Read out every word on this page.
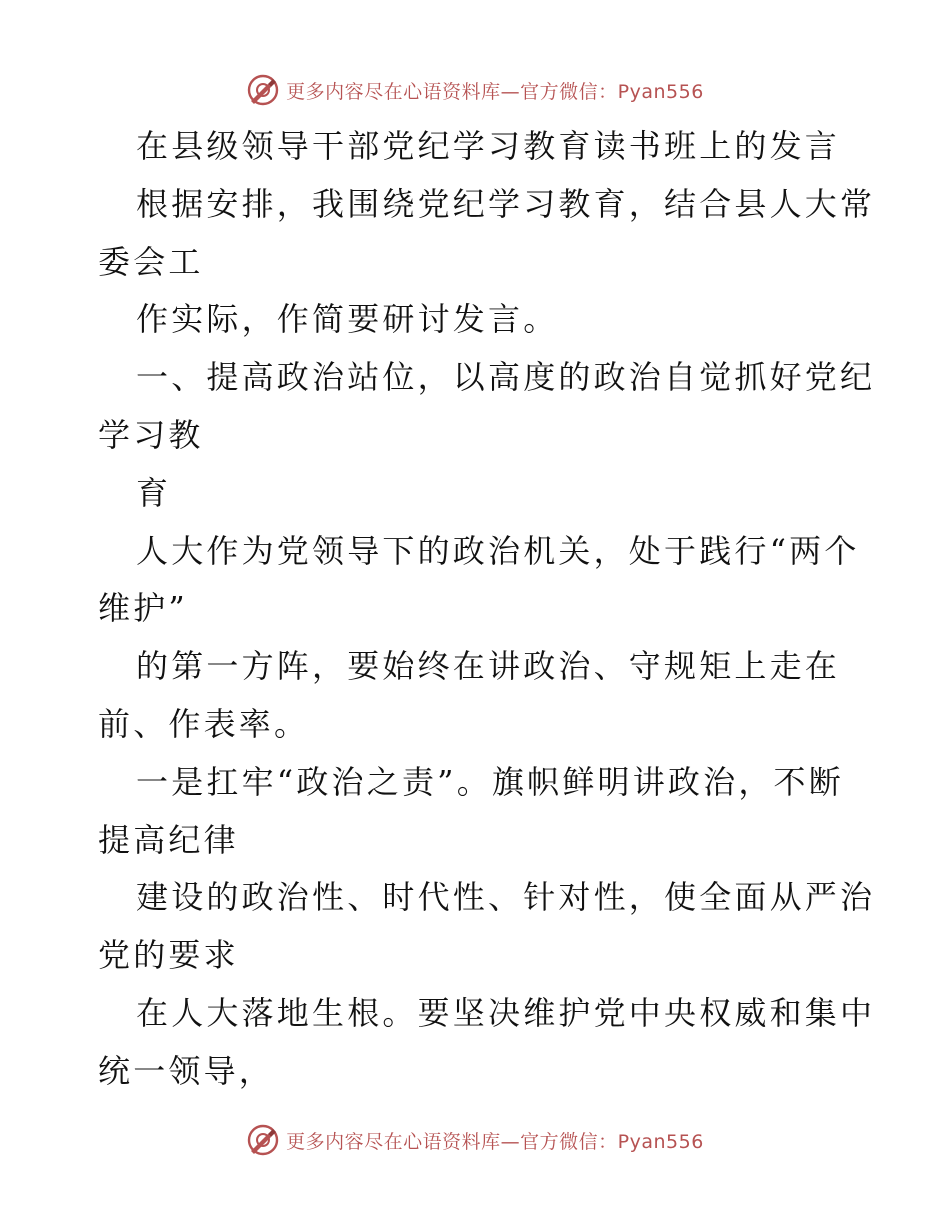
更多内容尽在心语资料库—官方微信：Pyan556
在县级领导干部党纪学习教育读书班上的发言
根据安排，我围绕党纪学习教育，结合县人大常
委会工
作实际，作简要研讨发言。
一、提高政治站位，以高度的政治自觉抓好党纪
学习教
育
人大作为党领导下的政治机关，处于践行“两个
维护”
的第一方阵，要始终在讲政治、守规矩上走在
前、作表率。
一是扛牢“政治之责”。旗帜鲜明讲政治，不断
提高纪律
建设的政治性、时代性、针对性，使全面从严治
党的要求
在人大落地生根。要坚决维护党中央权威和集中
统一领导，
更多内容尽在心语资料库—官方微信：Pyan556
